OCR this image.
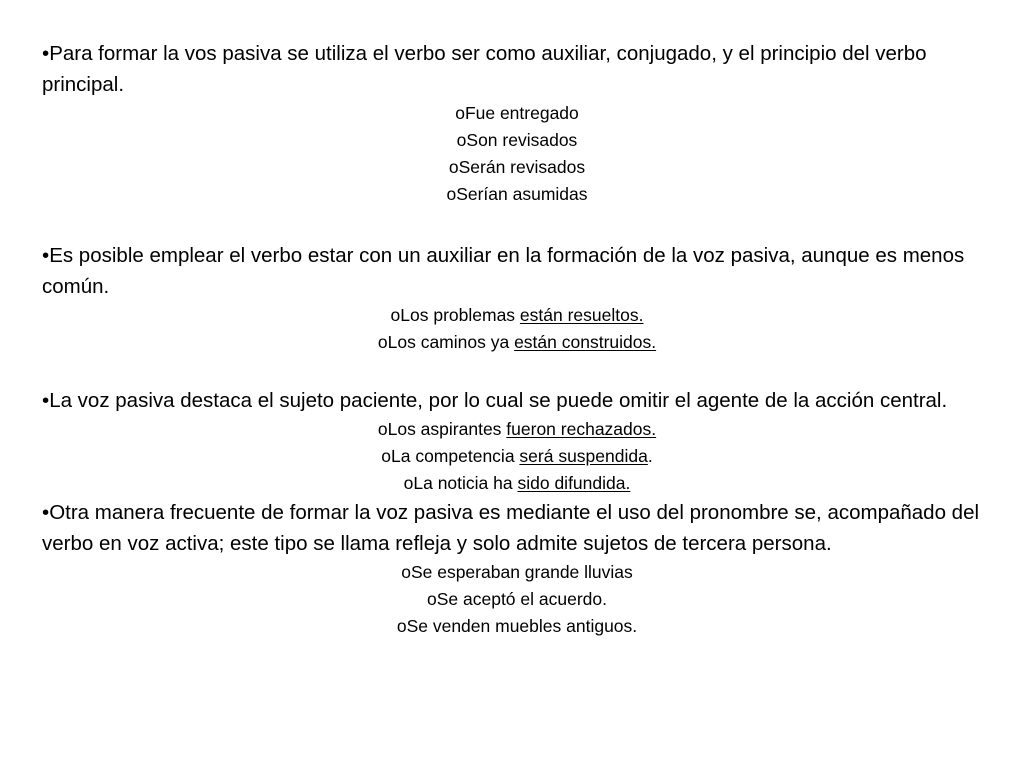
•Para formar la vos pasiva se utiliza el verbo ser como auxiliar, conjugado, y el principio del verbo principal.

oFue entregado
oSon revisados
oSerán revisados
oSerían asumidas

•Es posible emplear el verbo estar con un auxiliar en la formación de la voz pasiva, aunque es menos común.

oLos problemas están resueltos.
oLos caminos ya están construidos.

•La voz pasiva destaca el sujeto paciente, por lo cual se puede omitir el agente de la acción central.

oLos aspirantes fueron rechazados.
oLa competencia será suspendida.
oLa noticia ha sido difundida.

•Otra manera frecuente de formar la voz pasiva es mediante el uso del pronombre se, acompañado del verbo en voz activa; este tipo se llama refleja y solo admite sujetos de tercera persona.

oSe esperaban grande lluvias
oSe aceptó el acuerdo.
oSe venden muebles antiguos.
